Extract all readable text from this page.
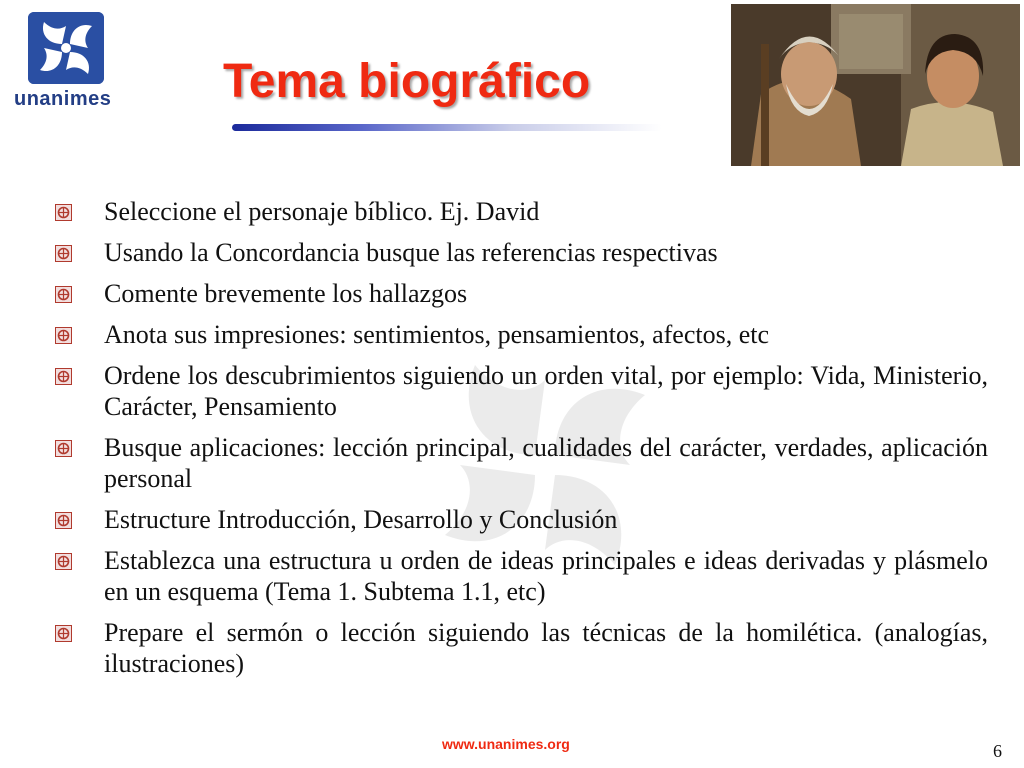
unanimes Tema biográfico
Seleccione el personaje bíblico. Ej. David
Usando la Concordancia busque las referencias respectivas
Comente brevemente los hallazgos
Anota sus impresiones: sentimientos, pensamientos, afectos, etc
Ordene los descubrimientos siguiendo un orden vital, por ejemplo: Vida, Ministerio, Carácter, Pensamiento
Busque aplicaciones: lección principal, cualidades del carácter, verdades, aplicación personal
Estructure Introducción, Desarrollo y Conclusión
Establezca una estructura u orden de ideas principales e ideas derivadas y plásmelo en un esquema (Tema 1. Subtema 1.1, etc)
Prepare el sermón o lección siguiendo las técnicas de la homilética. (analogías, ilustraciones)
www.unanimes.org	6
